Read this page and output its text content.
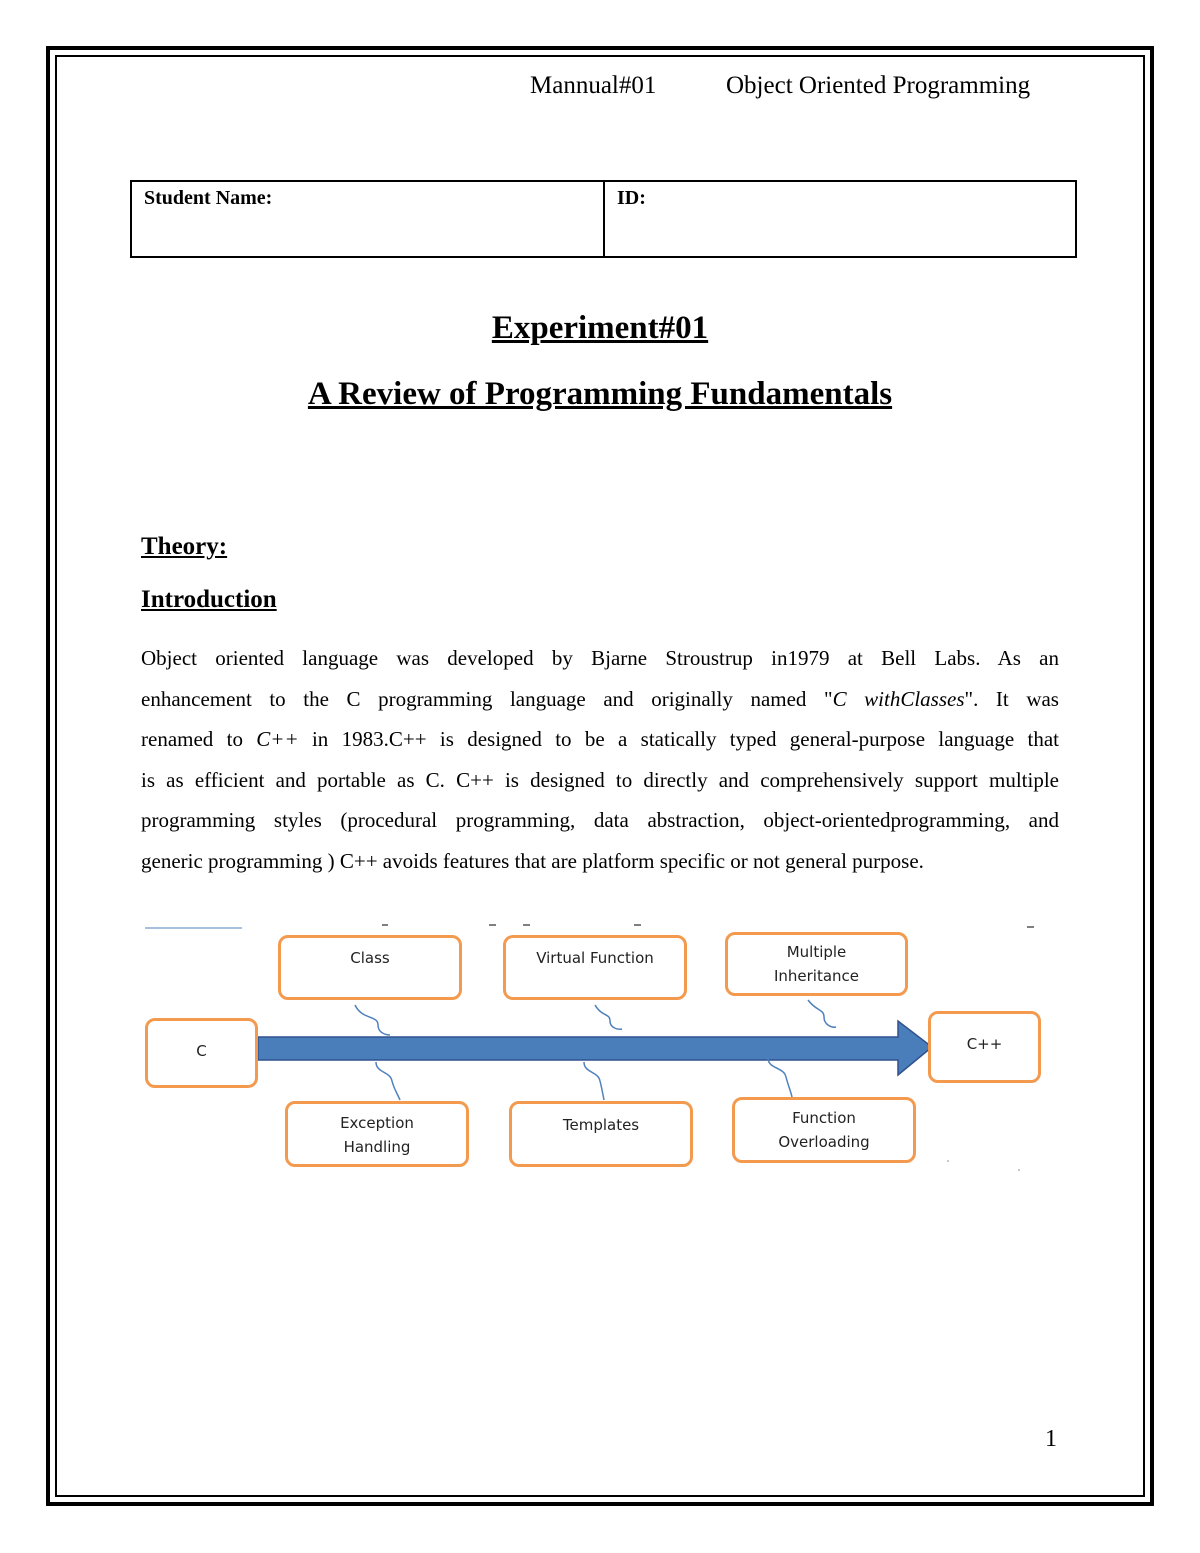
Mannual#01	Object Oriented Programming
Student Name:	ID:
Experiment#01
A Review of Programming Fundamentals
Theory:
Introduction
Object oriented language was developed by Bjarne Stroustrup in1979 at Bell Labs. As an
enhancement to the C programming language and originally named "C withClasses". It was
renamed to C++ in 1983.C++ is designed to be a statically typed general-purpose language that
is as efficient and portable as C. C++ is designed to directly and comprehensively support multiple
programming styles (procedural programming, data abstraction, object-orientedprogramming, and
generic programming ) C++ avoids features that are platform specific or not general purpose.
C	C++
Class	Virtual Function	Multiple
Inheritance
Exception
Handling
Templates	Function
Overloading
1
